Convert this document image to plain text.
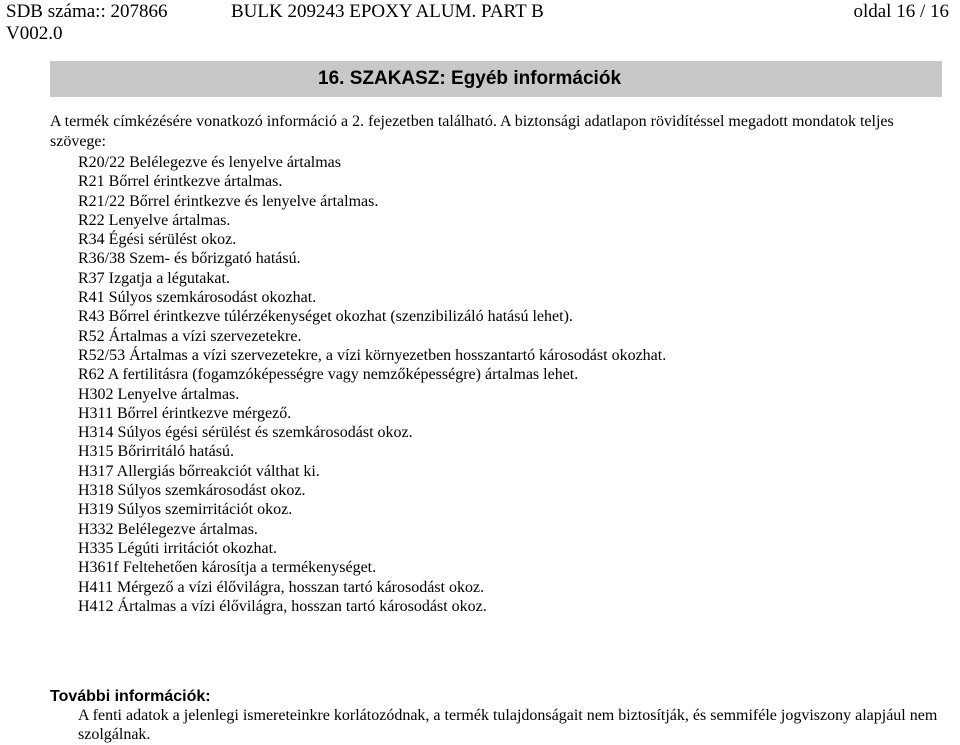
SDB száma:: 207866
V002.0
BULK 209243 EPOXY ALUM. PART B	oldal 16 / 16
16. SZAKASZ: Egyéb információk
A termék címkézésére vonatkozó információ a 2. fejezetben található. A biztonsági adatlapon rövidítéssel megadott mondatok teljes szövege:
R20/22 Belélegezve és lenyelve ártalmas
R21 Bőrrel érintkezve ártalmas.
R21/22 Bőrrel érintkezve és lenyelve ártalmas.
R22 Lenyelve ártalmas.
R34 Égési sérülést okoz.
R36/38 Szem- és bőrizgató hatású.
R37 Izgatja a légutakat.
R41 Súlyos szemkárosodást okozhat.
R43 Bőrrel érintkezve túlérzékenységet okozhat (szenzibilizáló hatású lehet).
R52 Ártalmas a vízi szervezetekre.
R52/53 Ártalmas a vízi szervezetekre, a vízi környezetben hosszantartó károsodást okozhat.
R62 A fertilitásra (fogamzóképességre vagy nemzőképességre) ártalmas lehet.
H302 Lenyelve ártalmas.
H311 Bőrrel érintkezve mérgező.
H314 Súlyos égési sérülést és szemkárosodást okoz.
H315 Bőrirritáló hatású.
H317 Allergiás bőrreakciót válthat ki.
H318 Súlyos szemkárosodást okoz.
H319 Súlyos szemirritációt okoz.
H332 Belélegezve ártalmas.
H335 Légúti irritációt okozhat.
H361f Feltehetően károsítja a termékenységet.
H411 Mérgező a vízi élővilágra, hosszan tartó károsodást okoz.
H412 Ártalmas a vízi élővilágra, hosszan tartó károsodást okoz.
További információk:
A fenti adatok a jelenlegi ismereteinkre korlátozódnak, a termék tulajdonságait nem biztosítják, és semmiféle jogviszony alapjául nem szolgálnak.
